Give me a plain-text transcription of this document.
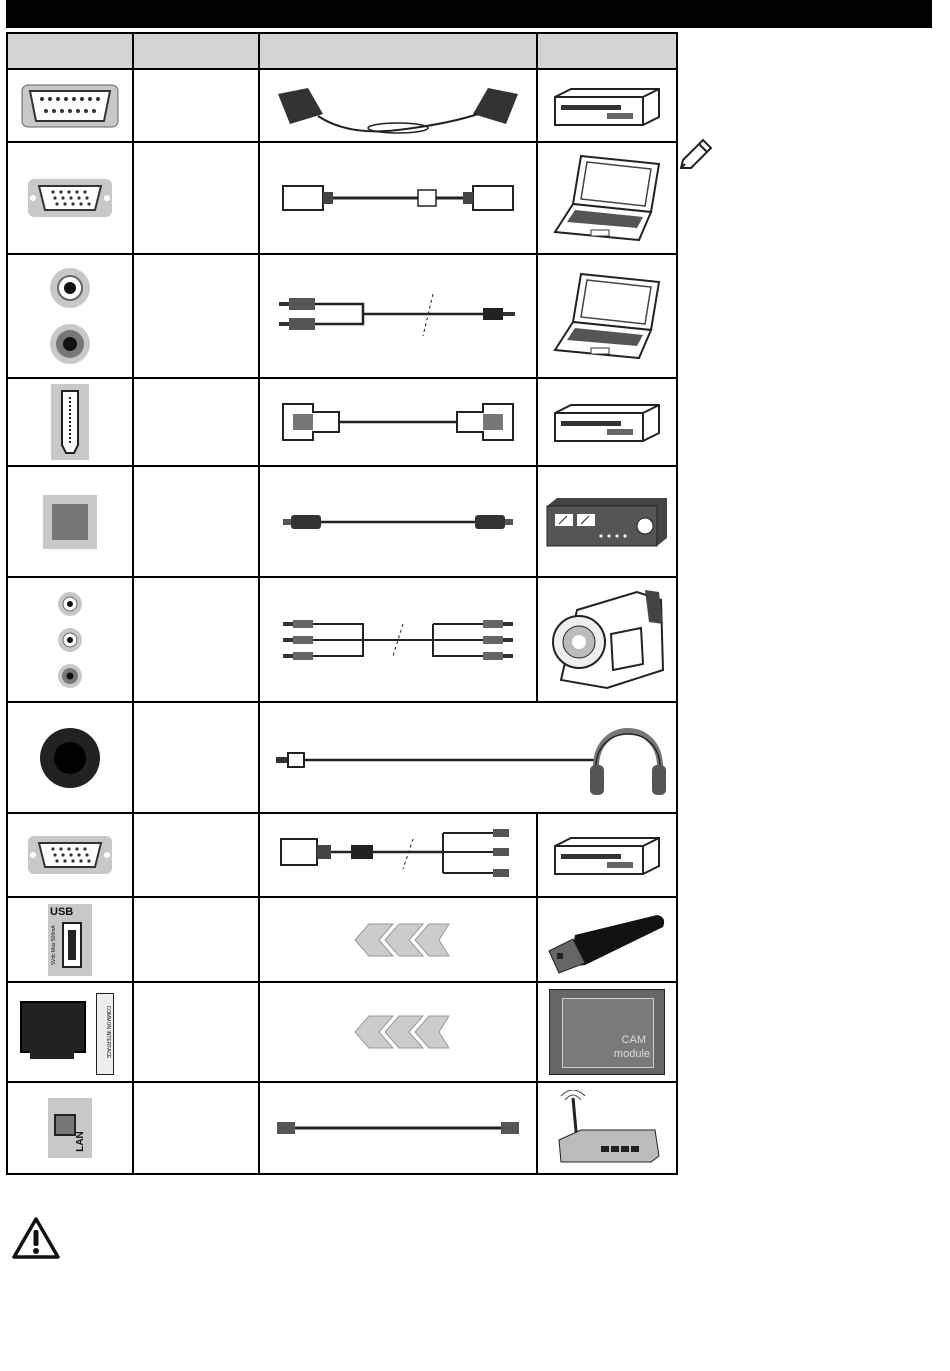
USB
5Vdc Max 500mA

COMMON INTERFACE			CAM
module

LAN
